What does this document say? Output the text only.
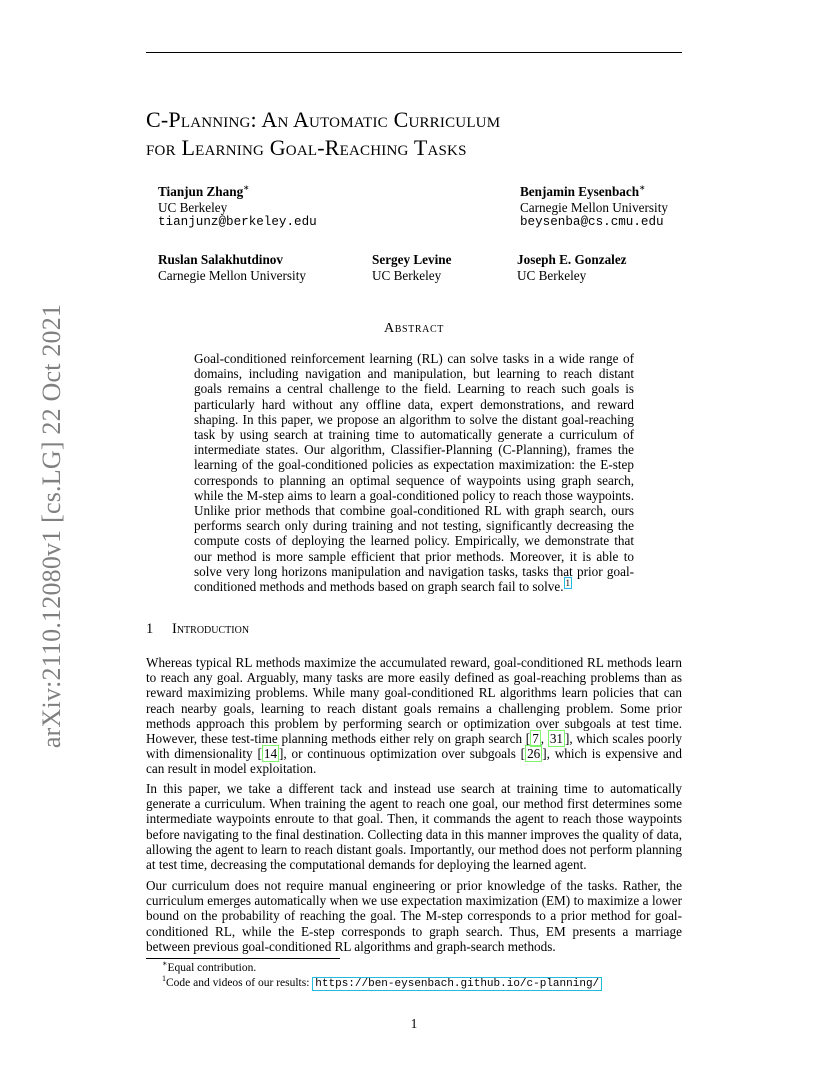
C-Planning: An Automatic Curriculum
for Learning Goal-Reaching Tasks
Tianjun Zhang∗
UC Berkeley
tianjunz@berkeley.edu
Benjamin Eysenbach∗
Carnegie Mellon University
beysenba@cs.cmu.edu
Ruslan Salakhutdinov
Carnegie Mellon University
Sergey Levine
UC Berkeley
Joseph E. Gonzalez
UC Berkeley
arXiv:2110.12080v1 [cs.LG] 22 Oct 2021	Abstract
Goal-conditioned reinforcement learning (RL) can solve tasks in a wide range of domains, including navigation and manipulation, but learning to reach distant goals remains a central challenge to the field. Learning to reach such goals is particularly hard without any offline data, expert demonstrations, and reward shaping. In this paper, we propose an algorithm to solve the distant goal-reaching task by using search at training time to automatically generate a curriculum of intermediate states. Our algorithm, Classifier-Planning (C-Planning), frames the learning of the goal-conditioned policies as expectation maximization: the E-step corresponds to planning an optimal sequence of waypoints using graph search, while the M-step aims to learn a goal-conditioned policy to reach those waypoints. Unlike prior methods that combine goal-conditioned RL with graph search, ours performs search only during training and not testing, significantly decreasing the compute costs of deploying the learned policy. Empirically, we demonstrate that our method is more sample efficient that prior methods. Moreover, it is able to solve very long horizons manipulation and navigation tasks, tasks that prior goal-conditioned methods and methods based on graph search fail to solve. $^1$
1 Introduction

Whereas typical RL methods maximize the accumulated reward, goal-conditioned RL methods learn to reach any goal. Arguably, many tasks are more easily defined as goal-reaching problems than as reward maximizing problems. While many goal-conditioned RL algorithms learn policies that can reach nearby goals, learning to reach distant goals remains a challenging problem. Some prior methods approach this problem by performing search or optimization over subgoals at test time. However, these test-time planning methods either rely on graph search [ 7 , 31 ], which scales poorly with dimensionality [ 14 ], or continuous optimization over subgoals [ 26 ], which is expensive and can result in model exploitation.

In this paper, we take a different tack and instead use search at training time to automatically generate a curriculum. When training the agent to reach one goal, our method first determines some intermediate waypoints enroute to that goal. Then, it commands the agent to reach those waypoints before navigating to the final destination. Collecting data in this manner improves the quality of data, allowing the agent to learn to reach distant goals. Importantly, our method does not perform planning at test time, decreasing the computational demands for deploying the learned agent.

Our curriculum does not require manual engineering or prior knowledge of the tasks. Rather, the curriculum emerges automatically when we use expectation maximization (EM) to maximize a lower bound on the probability of reaching the goal. The M-step corresponds to a prior method for goal-conditioned RL, while the E-step corresponds to graph search. Thus, EM presents a marriage between previous goal-conditioned RL algorithms and graph-search methods.

∗Equal contribution.
$^1$Code and videos of our results: https://ben-eysenbach.github.io/c-planning/
1
